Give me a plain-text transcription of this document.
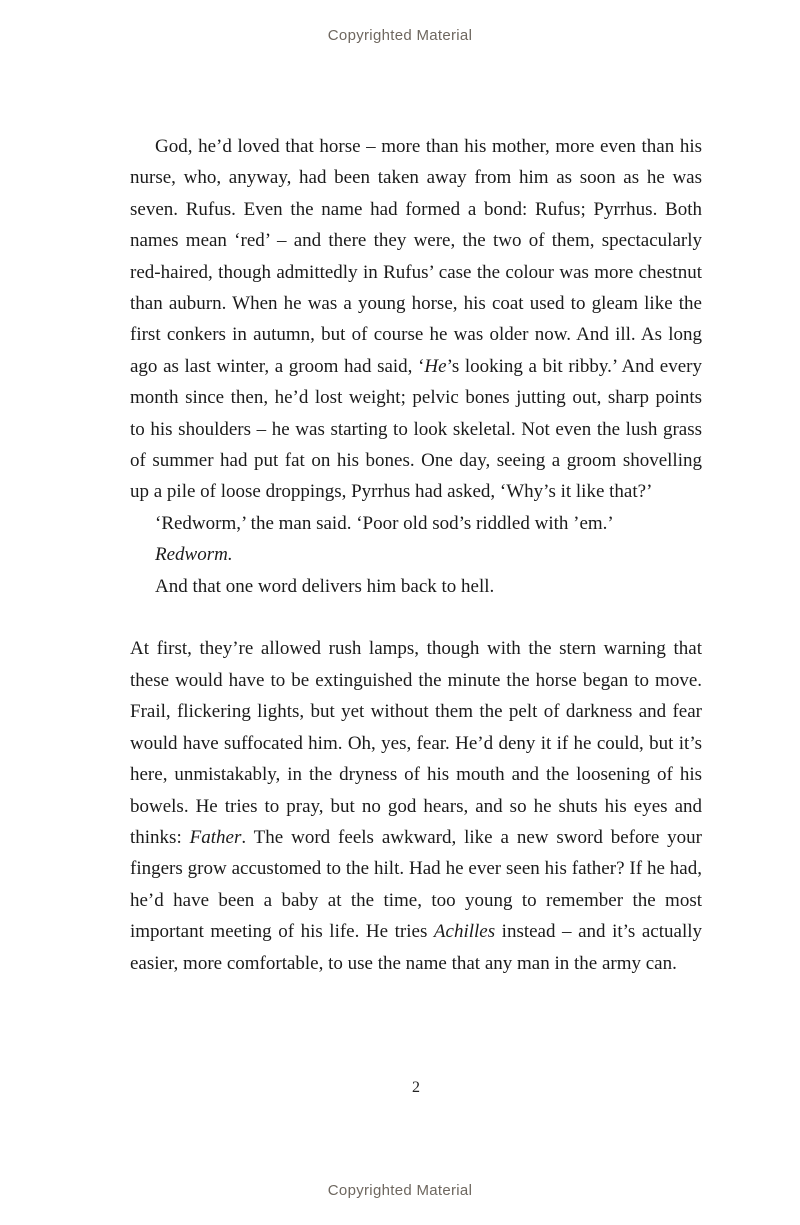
Copyrighted Material

God, he’d loved that horse – more than his mother, more even than his nurse, who, anyway, had been taken away from him as soon as he was seven. Rufus. Even the name had formed a bond: Rufus; Pyrrhus. Both names mean ‘red’ – and there they were, the two of them, spectacularly red-haired, though admittedly in Rufus’ case the colour was more chestnut than auburn. When he was a young horse, his coat used to gleam like the first conkers in autumn, but of course he was older now. And ill. As long ago as last winter, a groom had said, ‘He’s looking a bit ribby.’ And every month since then, he’d lost weight; pelvic bones jutting out, sharp points to his shoulders – he was starting to look skeletal. Not even the lush grass of summer had put fat on his bones. One day, seeing a groom shovelling up a pile of loose droppings, Pyrrhus had asked, ‘Why’s it like that?’

‘Redworm,’ the man said. ‘Poor old sod’s riddled with ’em.’

Redworm.

And that one word delivers him back to hell.

At first, they’re allowed rush lamps, though with the stern warning that these would have to be extinguished the minute the horse began to move. Frail, flickering lights, but yet without them the pelt of darkness and fear would have suffocated him. Oh, yes, fear. He’d deny it if he could, but it’s here, unmistakably, in the dryness of his mouth and the loosening of his bowels. He tries to pray, but no god hears, and so he shuts his eyes and thinks: Father. The word feels awkward, like a new sword before your fingers grow accustomed to the hilt. Had he ever seen his father? If he had, he’d have been a baby at the time, too young to remember the most important meeting of his life. He tries Achilles instead – and it’s actually easier, more comfortable, to use the name that any man in the army can.

2
Copyrighted Material
